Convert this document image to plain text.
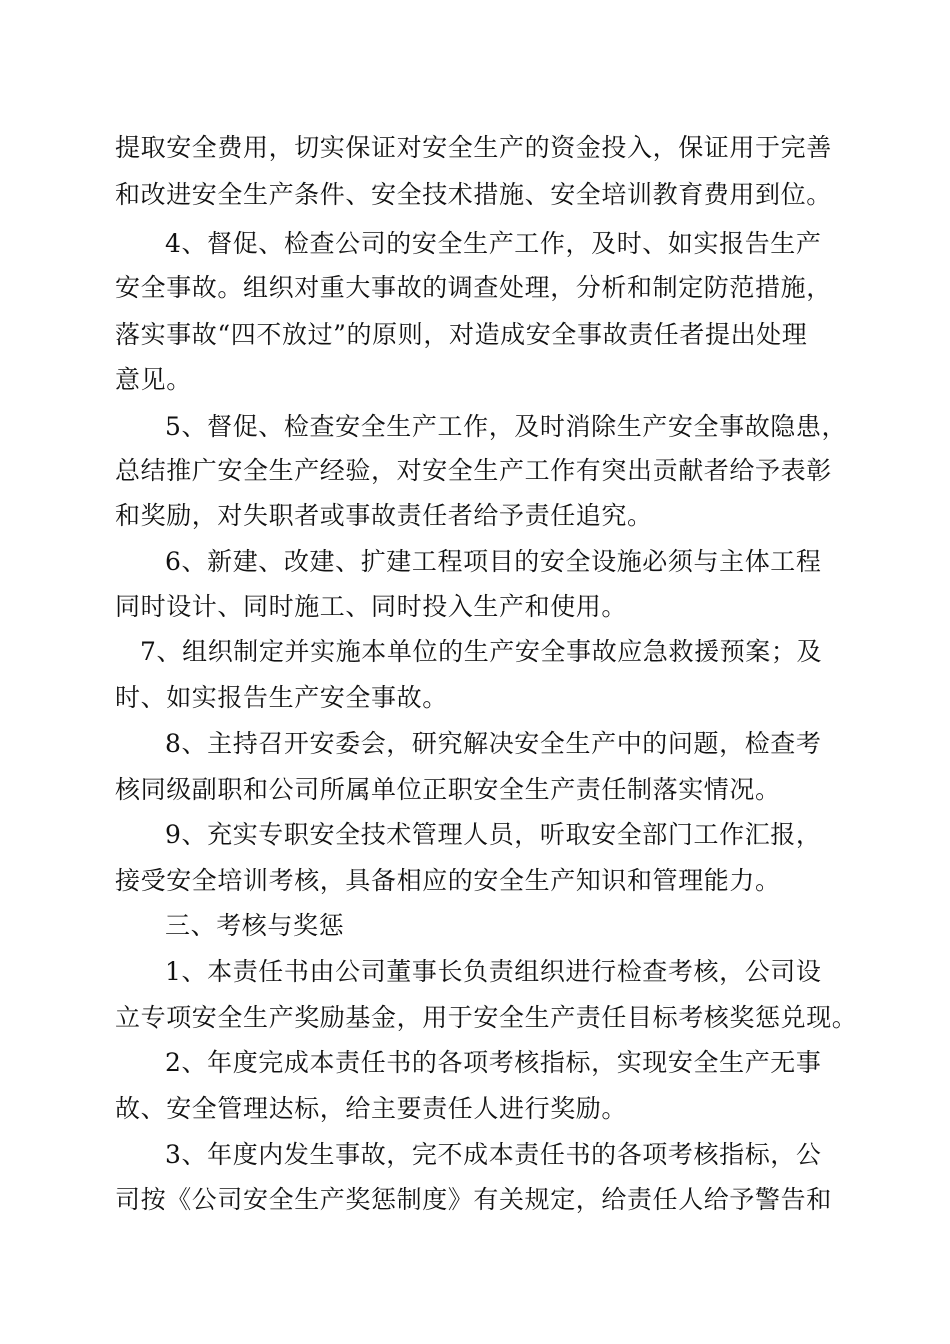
提取安全费用，切实保证对安全生产的资金投入，保证用于完善
和改进安全生产条件、安全技术措施、安全培训教育费用到位。
4、督促、检查公司的安全生产工作，及时、如实报告生产
安全事故。组织对重大事故的调查处理，分析和制定防范措施，
落实事故“四不放过”的原则，对造成安全事故责任者提出处理
意见。
5、督促、检查安全生产工作，及时消除生产安全事故隐患，
总结推广安全生产经验，对安全生产工作有突出贡献者给予表彰
和奖励，对失职者或事故责任者给予责任追究。
6、新建、改建、扩建工程项目的安全设施必须与主体工程
同时设计、同时施工、同时投入生产和使用。
7、组织制定并实施本单位的生产安全事故应急救援预案；及
时、如实报告生产安全事故。
8、主持召开安委会，研究解决安全生产中的问题，检查考
核同级副职和公司所属单位正职安全生产责任制落实情况。
9、充实专职安全技术管理人员，听取安全部门工作汇报，
接受安全培训考核，具备相应的安全生产知识和管理能力。
三、考核与奖惩
1、本责任书由公司董事长负责组织进行检查考核，公司设
立专项安全生产奖励基金，用于安全生产责任目标考核奖惩兑现。
2、年度完成本责任书的各项考核指标，实现安全生产无事
故、安全管理达标，给主要责任人进行奖励。
3、年度内发生事故，完不成本责任书的各项考核指标，公
司按《公司安全生产奖惩制度》有关规定，给责任人给予警告和
